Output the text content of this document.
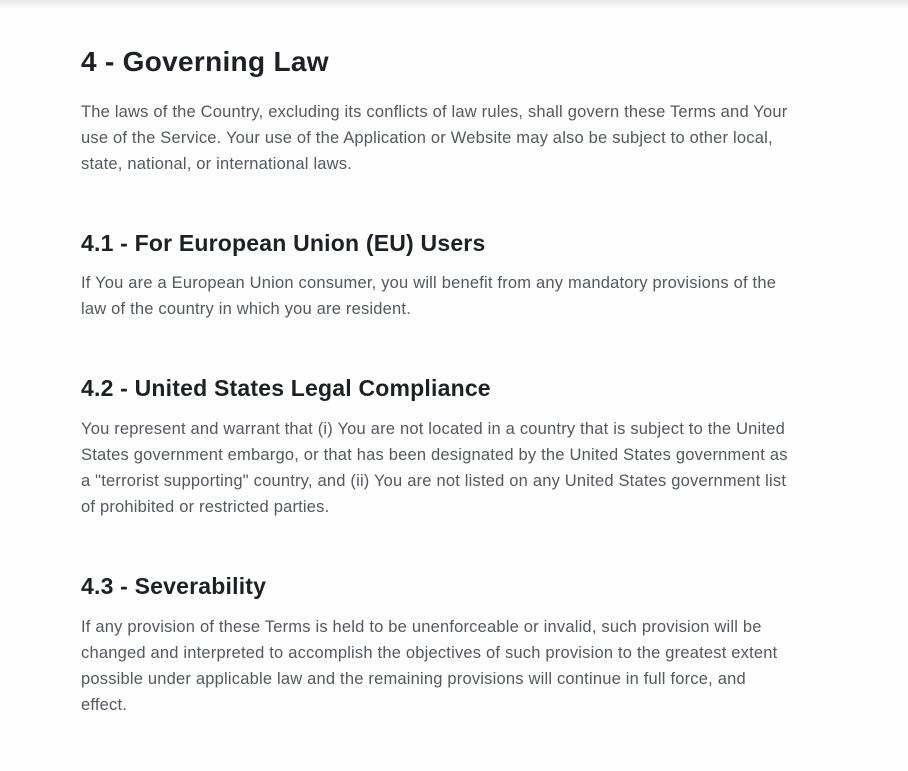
4 - Governing Law

The laws of the Country, excluding its conflicts of law rules, shall govern these Terms and Your use of the Service. Your use of the Application or Website may also be subject to other local, state, national, or international laws.

4.1 - For European Union (EU) Users

If You are a European Union consumer, you will benefit from any mandatory provisions of the law of the country in which you are resident.

4.2 - United States Legal Compliance

You represent and warrant that (i) You are not located in a country that is subject to the United States government embargo, or that has been designated by the United States government as a "terrorist supporting" country, and (ii) You are not listed on any United States government list of prohibited or restricted parties.

4.3 - Severability

If any provision of these Terms is held to be unenforceable or invalid, such provision will be changed and interpreted to accomplish the objectives of such provision to the greatest extent possible under applicable law and the remaining provisions will continue in full force, and effect.
